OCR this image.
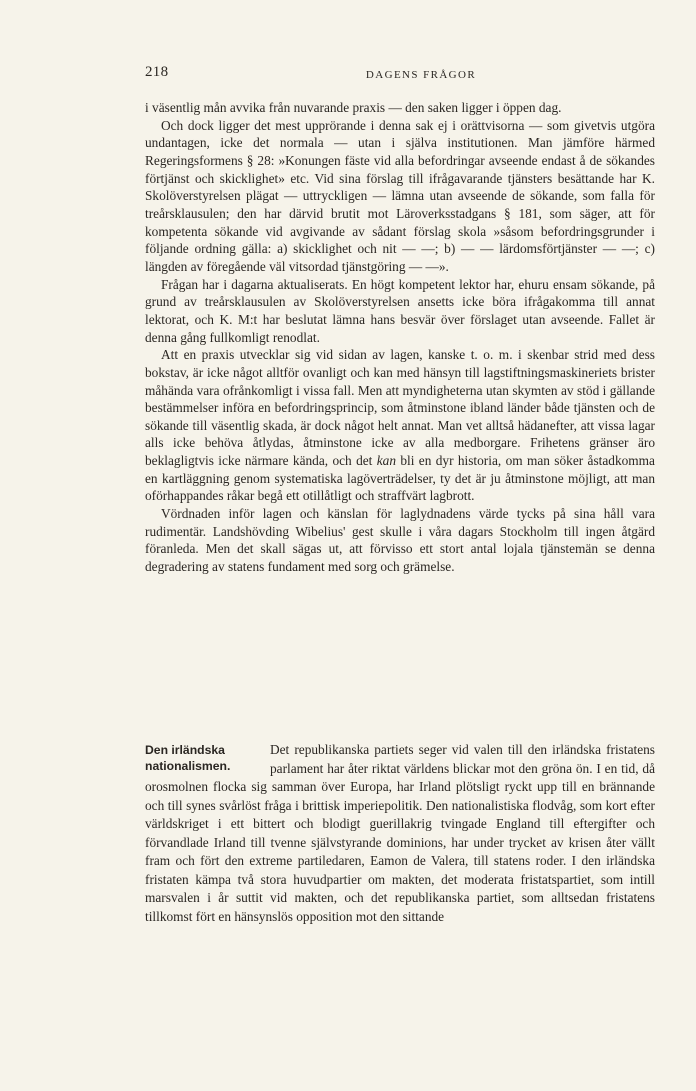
218	DAGENS FRÅGOR

i väsentlig mån avvika från nuvarande praxis — den saken ligger i öppen dag.

Och dock ligger det mest upprörande i denna sak ej i orättvisorna — som givetvis utgöra undantagen, icke det normala — utan i själva institutionen. Man jämföre härmed Regeringsformens § 28: »Konungen fäste vid alla befordringar avseende endast å de sökandes förtjänst och skicklighet» etc. Vid sina förslag till ifrågavarande tjänsters besättande har K. Skolöverstyrelsen plägat — uttryckligen — lämna utan avseende de sökande, som falla för treårsklausulen; den har därvid brutit mot Läroverksstadgans § 181, som säger, att för kompetenta sökande vid avgivande av sådant förslag skola »såsom befordringsgrunder i följande ordning gälla: a) skicklighet och nit — —; b) — — lärdomsförtjänster — —; c) längden av föregående väl vitsordad tjänstgöring — —».

Frågan har i dagarna aktualiserats. En högt kompetent lektor har, ehuru ensam sökande, på grund av treårsklausulen av Skolöverstyrelsen ansetts icke böra ifrågakomma till annat lektorat, och K. M:t har beslutat lämna hans besvär över förslaget utan avseende. Fallet är denna gång fullkomligt renodlat.

Att en praxis utvecklar sig vid sidan av lagen, kanske t. o. m. i skenbar strid med dess bokstav, är icke något alltför ovanligt och kan med hänsyn till lagstiftningsmaskineriets brister måhända vara ofrånkomligt i vissa fall. Men att myndigheterna utan skymten av stöd i gällande bestämmelser införa en befordringsprincip, som åtminstone ibland länder både tjänsten och de sökande till väsentlig skada, är dock något helt annat. Man vet alltså hädanefter, att vissa lagar alls icke behöva åtlydas, åtminstone icke av alla medborgare. Frihetens gränser äro beklagligtvis icke närmare kända, och det kan bli en dyr historia, om man söker åstadkomma en kartläggning genom systematiska lagöverträdelser, ty det är ju åtminstone möjligt, att man oförhappandes råkar begå ett otillåtligt och straffvärt lagbrott.

Vördnaden inför lagen och känslan för laglydnadens värde tycks på sina håll vara rudimentär. Landshövding Wibelius' gest skulle i våra dagars Stockholm till ingen åtgärd föranleda. Men det skall sägas ut, att förvisso ett stort antal lojala tjänstemän se denna degradering av statens fundament med sorg och grämelse.

Den irländska
nationalismen.

Det republikanska partiets seger vid valen till den irländska fristatens parlament har åter riktat världens blickar mot den gröna ön. I en tid, då orosmolnen flocka sig samman över Europa, har Irland plötsligt ryckt upp till en brännande och till synes svårlöst fråga i brittisk imperiepolitik. Den nationalistiska flodvåg, som kort efter världskriget i ett bittert och blodigt guerillakrig tvingade England till eftergifter och förvandlade Irland till tvenne självstyrande dominions, har under trycket av krisen åter vällt fram och fört den extreme partiledaren, Eamon de Valera, till statens roder. I den irländska fristaten kämpa två stora huvudpartier om makten, det moderata fristatspartiet, som intill marsvalen i år suttit vid makten, och det republikanska partiet, som alltsedan fristatens tillkomst fört en hänsynslös opposition mot den sittande
